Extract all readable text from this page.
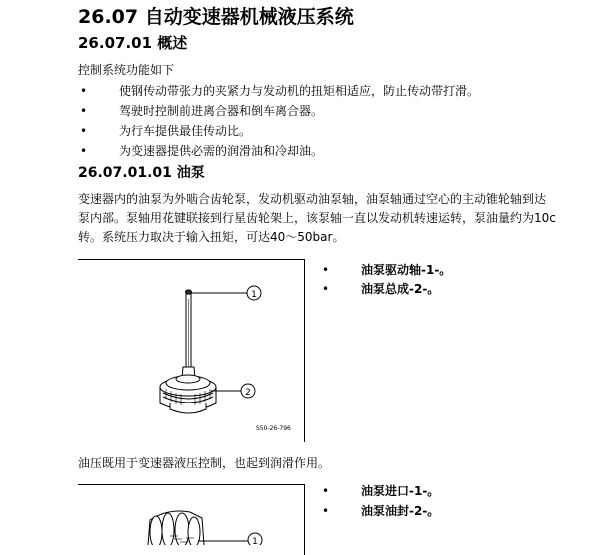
26.07 自动变速器机械液压系统
26.07.01 概述
控制系统功能如下
•	使钢传动带张力的夹紧力与发动机的扭矩相适应，防止传动带打滑。
•	驾驶时控制前进离合器和倒车离合器。
•	为行车提供最佳传动比。
•	为变速器提供必需的润滑油和冷却油。
26.07.01.01 油泵
变速器内的油泵为外啮合齿轮泵，发动机驱动油泵轴，油泵轴通过空心的主动锥轮轴到达
泵内部。泵轴用花键联接到行星齿轮架上，该泵轴一直以发动机转速运转，泵油量约为10c
转。系统压力取决于输入扭矩，可达40～50bar。
1
2
S50-26-796
•	油泵驱动轴-1-。
•	油泵总成-2-。
油压既用于变速器液压控制，也起到润滑作用。
1
•	油泵进口-1-。
•	油泵油封-2-。
